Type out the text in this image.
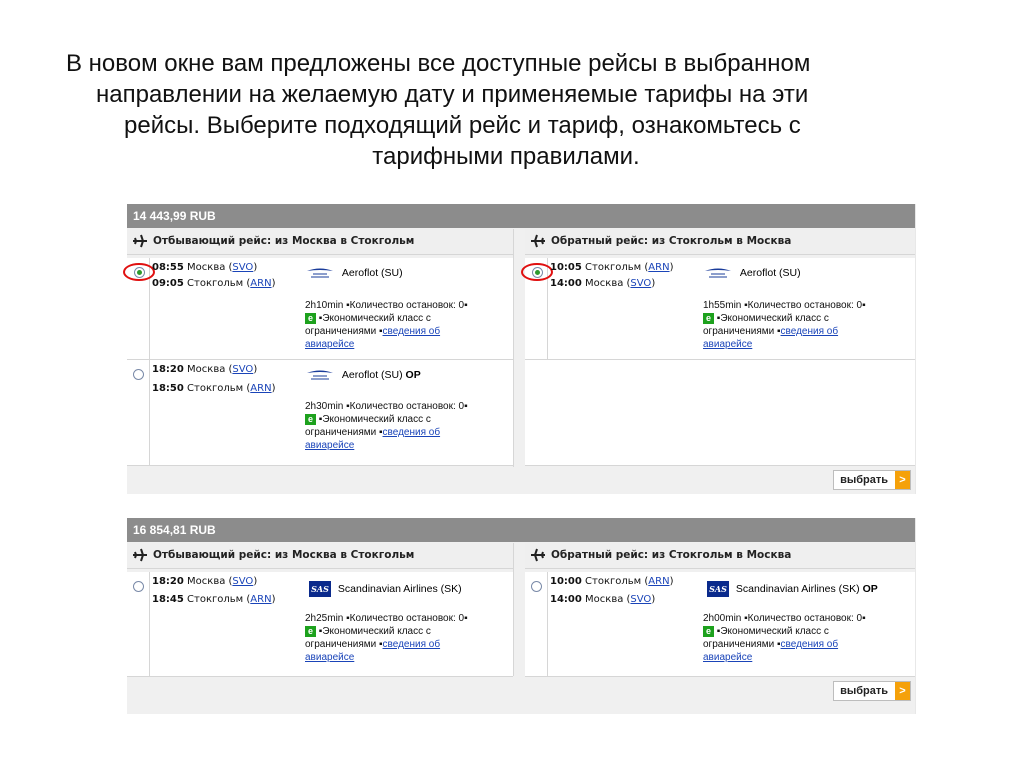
В новом окне вам предложены все доступные рейсы в выбранном
направлении на желаемую дату и применяемые тарифы на эти
рейсы. Выберите подходящий рейс и тариф, ознакомьтесь с
тарифными правилами.
14 443,99 RUB
Отбывающий рейс: из Москва в Стокгольм	Обратный рейс: из Стокгольм в Москва
08:55 Москва (SVO)
09:05 Стокгольм (ARN)
Aeroflot (SU)
2h10min ▪Количество остановок: 0▪
e ▪Экономический класс с
ограничениями ▪сведения об
авиарейсе
18:20 Москва (SVO)
18:50 Стокгольм (ARN)
Aeroflot (SU) OP
2h30min ▪Количество остановок: 0▪
e ▪Экономический класс с
ограничениями ▪сведения об
авиарейсе
10:05 Стокгольм (ARN)
14:00 Москва (SVO)
Aeroflot (SU)
1h55min ▪Количество остановок: 0▪
e ▪Экономический класс с
ограничениями ▪сведения об
авиарейсе
выбрать	>
16 854,81 RUB
Отбывающий рейс: из Москва в Стокгольм	Обратный рейс: из Стокгольм в Москва
18:20 Москва (SVO)
18:45 Стокгольм (ARN)
SAS Scandinavian Airlines (SK)
2h25min ▪Количество остановок: 0▪
e ▪Экономический класс с
ограничениями ▪сведения об
авиарейсе
10:00 Стокгольм (ARN)
14:00 Москва (SVO)
SAS Scandinavian Airlines (SK) OP
2h00min ▪Количество остановок: 0▪
e ▪Экономический класс с
ограничениями ▪сведения об
авиарейсе
выбрать	>
